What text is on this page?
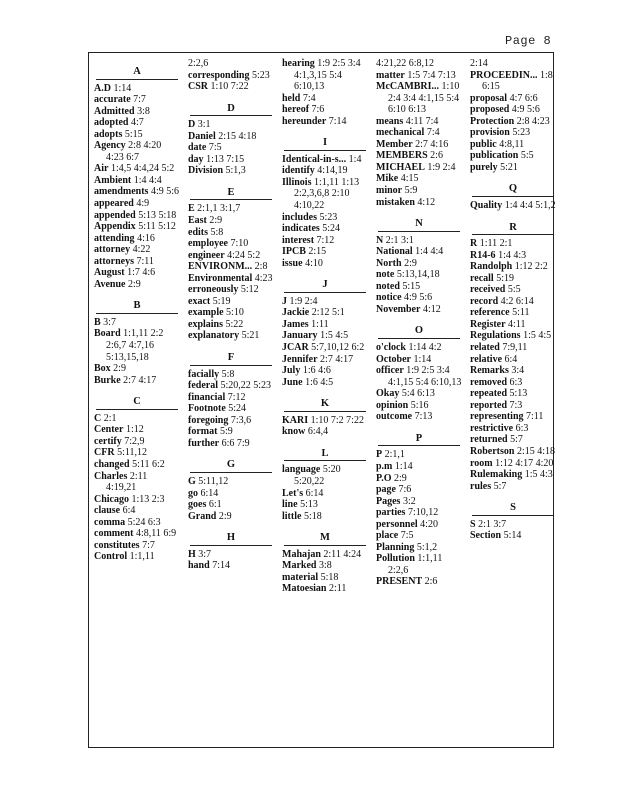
Page 8
A
A.D 1:14
accurate 7:7
Admitted 3:8
adopted 4:7
adopts 5:15
Agency 2:8 4:20 4:23 6:7
Air 1:4,5 4:4,24 5:2
Ambient 1:4 4:4
amendments 4:9 5:6
appeared 4:9
appended 5:13 5:18
Appendix 5:11 5:12
attending 4:16
attorney 4:22
attorneys 7:11
August 1:7 4:6
Avenue 2:9
B
B 3:7
Board 1:1,11 2:2 2:6,7 4:7,16 5:13,15,18
Box 2:9
Burke 2:7 4:17
C
C 2:1
Center 1:12
certify 7:2,9
CFR 5:11,12
changed 5:11 6:2
Charles 2:11 4:19,21
Chicago 1:13 2:3
clause 6:4
comma 5:24 6:3
comment 4:8,11 6:9
constitutes 7:7
Control 1:1,11
2:2,6
corresponding 5:23
CSR 1:10 7:22
D
D 3:1
Daniel 2:15 4:18
date 7:5
day 1:13 7:15
Division 5:1,3
E
E 2:1,1 3:1,7
East 2:9
edits 5:8
employee 7:10
engineer 4:24 5:2
ENVIRONM... 2:8
Environmental 4:23
erroneously 5:12
exact 5:19
example 5:10
explains 5:22
explanatory 5:21
F
facially 5:8
federal 5:20,22 5:23
financial 7:12
Footnote 5:24
foregoing 7:3,6
format 5:9
further 6:6 7:9
G
G 5:11,12
go 6:14
goes 6:1
Grand 2:9
H
H 3:7
hand 7:14
hearing 1:9 2:5 3:4 4:1,3,15 5:4 6:10,13
held 7:4
hereof 7:6
hereunder 7:14
I
Identical-in-s... 1:4
identify 4:14,19
Illinois 1:1,11 1:13 2:2,3,6,8 2:10 4:10,22
includes 5:23
indicates 5:24
interest 7:12
IPCB 2:15
issue 4:10
J
J 1:9 2:4
Jackie 2:12 5:1
James 1:11
January 1:5 4:5
JCAR 5:7,10,12 6:2
Jennifer 2:7 4:17
July 1:6 4:6
June 1:6 4:5
K
KARI 1:10 7:2 7:22
know 6:4,4
L
language 5:20 5:20,22
Let's 6:14
line 5:13
little 5:18
M
Mahajan 2:11 4:24
Marked 3:8
material 5:18
Matoesian 2:11
4:21,22 6:8,12
matter 1:5 7:4 7:13
McCAMBRI... 1:10 2:4 3:4 4:1,15 5:4 6:10 6:13
means 4:11 7:4
mechanical 7:4
Member 2:7 4:16
MEMBERS 2:6
MICHAEL 1:9 2:4
Mike 4:15
minor 5:9
mistaken 4:12
N
N 2:1 3:1
National 1:4 4:4
North 2:9
note 5:13,14,18
noted 5:15
notice 4:9 5:6
November 4:12
O
o'clock 1:14 4:2
October 1:14
officer 1:9 2:5 3:4 4:1,15 5:4 6:10,13
Okay 5:4 6:13
opinion 5:16
outcome 7:13
P
P 2:1,1
p.m 1:14
P.O 2:9
page 7:6
Pages 3:2
parties 7:10,12
personnel 4:20
place 7:5
Planning 5:1,2
Pollution 1:1,11 2:2,6
PRESENT 2:6
2:14
PROCEEDIN... 1:8 6:15
proposal 4:7 6:6
proposed 4:9 5:6
Protection 2:8 4:23
provision 5:23
public 4:8,11
publication 5:5
purely 5:21
Q
Quality 1:4 4:4 5:1,2
R
R 1:11 2:1
R14-6 1:4 4:3
Randolph 1:12 2:2
recall 5:19
received 5:5
record 4:2 6:14
reference 5:11
Register 4:11
Regulations 1:5 4:5
related 7:9,11
relative 6:4
Remarks 3:4
removed 6:3
repeated 5:13
reported 7:3
representing 7:11
restrictive 6:3
returned 5:7
Robertson 2:15 4:18
room 1:12 4:17 4:20
Rulemaking 1:5 4:3
rules 5:7
S
S 2:1 3:7
Section 5:14
